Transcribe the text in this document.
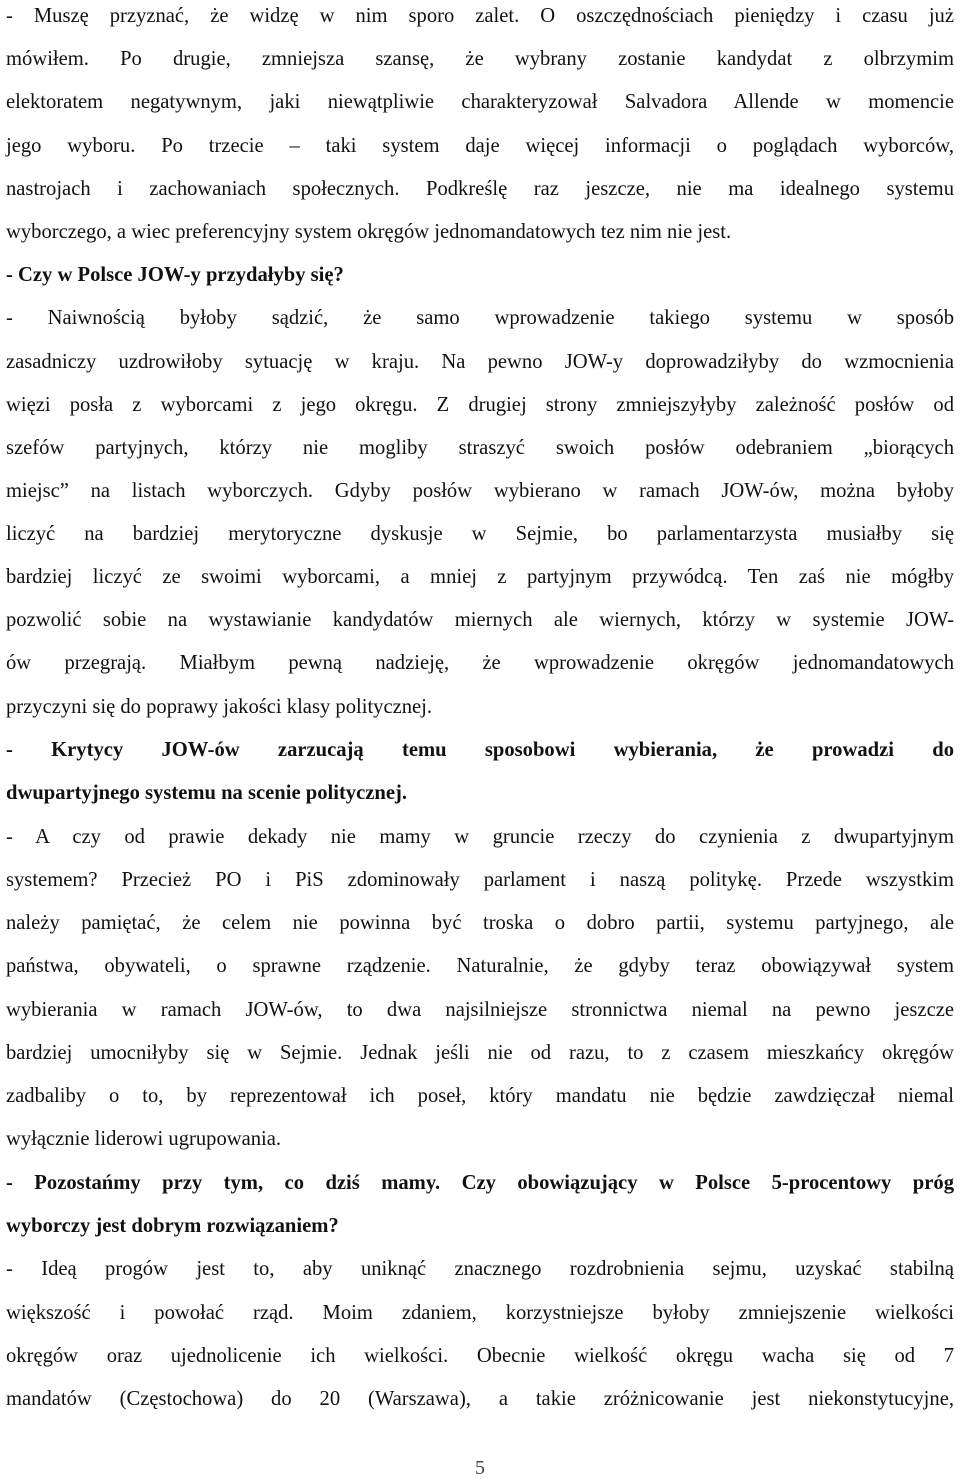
- Muszę przyznać, że widzę w nim sporo zalet. O oszczędnościach pieniędzy i czasu już
mówiłem. Po drugie, zmniejsza szansę, że wybrany zostanie kandydat z olbrzymim
elektoratem negatywnym, jaki niewątpliwie charakteryzował Salvadora Allende w momencie
jego wyboru. Po trzecie – taki system daje więcej informacji o poglądach wyborców,
nastrojach i zachowaniach społecznych. Podkreślę raz jeszcze, nie ma idealnego systemu
wyborczego, a wiec preferencyjny system okręgów jednomandatowych tez nim nie jest.
- Czy w Polsce JOW-y przydałyby się?
- Naiwnością byłoby sądzić, że samo wprowadzenie takiego systemu w sposób
zasadniczy uzdrowiłoby sytuację w kraju. Na pewno JOW-y doprowadziłyby do wzmocnienia
więzi posła z wyborcami z jego okręgu. Z drugiej strony zmniejszyłyby zależność posłów od
szefów partyjnych, którzy nie mogliby straszyć swoich posłów odebraniem „biorących
miejsc” na listach wyborczych. Gdyby posłów wybierano w ramach JOW-ów, można byłoby
liczyć na bardziej merytoryczne dyskusje w Sejmie, bo parlamentarzysta musiałby się
bardziej liczyć ze swoimi wyborcami, a mniej z partyjnym przywódcą. Ten zaś nie mógłby
pozwolić sobie na wystawianie kandydatów miernych ale wiernych, którzy w systemie JOW-
ów przegrają. Miałbym pewną nadzieję, że wprowadzenie okręgów jednomandatowych
przyczyni się do poprawy jakości klasy politycznej.
- Krytycy JOW-ów zarzucają temu sposobowi wybierania, że prowadzi do
dwupartyjnego systemu na scenie politycznej.
- A czy od prawie dekady nie mamy w gruncie rzeczy do czynienia z dwupartyjnym
systemem? Przecież PO i PiS zdominowały parlament i naszą politykę. Przede wszystkim
należy pamiętać, że celem nie powinna być troska o dobro partii, systemu partyjnego, ale
państwa, obywateli, o sprawne rządzenie. Naturalnie, że gdyby teraz obowiązywał system
wybierania w ramach JOW-ów, to dwa najsilniejsze stronnictwa niemal na pewno jeszcze
bardziej umocniłyby się w Sejmie. Jednak jeśli nie od razu, to z czasem mieszkańcy okręgów
zadbaliby o to, by reprezentował ich poseł, który mandatu nie będzie zawdzięczał niemal
wyłącznie liderowi ugrupowania.
- Pozostańmy przy tym, co dziś mamy. Czy obowiązujący w Polsce 5-procentowy próg
wyborczy jest dobrym rozwiązaniem?
- Ideą progów jest to, aby uniknąć znacznego rozdrobnienia sejmu, uzyskać stabilną
większość i powołać rząd. Moim zdaniem, korzystniejsze byłoby zmniejszenie wielkości
okręgów oraz ujednolicenie ich wielkości. Obecnie wielkość okręgu wacha się od 7
mandatów (Częstochowa) do 20 (Warszawa), a takie zróżnicowanie jest niekonstytucyjne,
5
